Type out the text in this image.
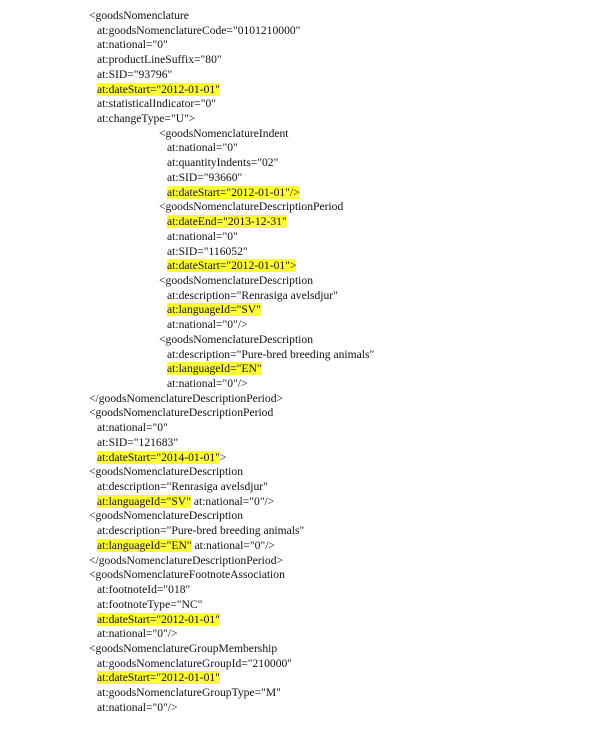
<goodsNomenclature
at:goodsNomenclatureCode="0101210000"
at:national="0"
at:productLineSuffix="80"
at:SID="93796"
at:dateStart="2012-01-01"
at:statisticalIndicator="0"
at:changeType="U">
<goodsNomenclatureIndent
at:national="0"
at:quantityIndents="02"
at:SID="93660"
at:dateStart="2012-01-01"/>
<goodsNomenclatureDescriptionPeriod
at:dateEnd="2013-12-31"
at:national="0"
at:SID="116052"
at:dateStart="2012-01-01">
<goodsNomenclatureDescription
at:description="Renrasiga avelsdjur"
at:languageId="SV"
at:national="0"/>
<goodsNomenclatureDescription
at:description="Pure-bred breeding animals"
at:languageId="EN"
at:national="0"/>
</goodsNomenclatureDescriptionPeriod>
<goodsNomenclatureDescriptionPeriod
at:national="0"
at:SID="121683"
at:dateStart="2014-01-01">
<goodsNomenclatureDescription
at:description="Renrasiga avelsdjur"
at:languageId="SV" at:national="0"/>
<goodsNomenclatureDescription
at:description="Pure-bred breeding animals"
at:languageId="EN" at:national="0"/>
</goodsNomenclatureDescriptionPeriod>
<goodsNomenclatureFootnoteAssociation
at:footnoteId="018"
at:footnoteType="NC"
at:dateStart="2012-01-01"
at:national="0"/>
<goodsNomenclatureGroupMembership
at:goodsNomenclatureGroupId="210000"
at:dateStart="2012-01-01"
at:goodsNomenclatureGroupType="M"
at:national="0"/>
